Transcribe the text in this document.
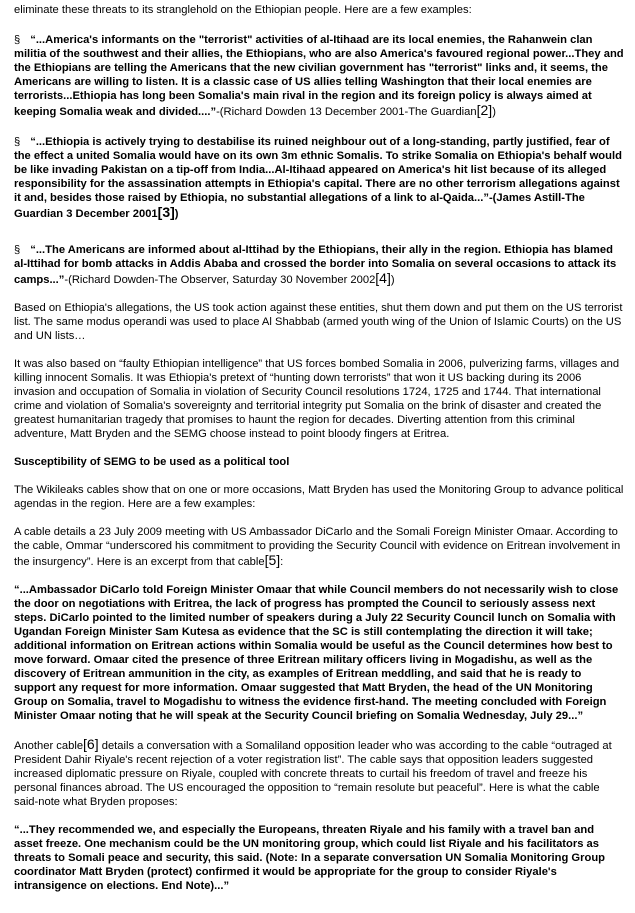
eliminate these threats to its stranglehold on the Ethiopian people. Here are a few examples:

§ “...America's informants on the "terrorist" activities of al-Itihaad are its local enemies, the Rahanwein clan militia of the southwest and their allies, the Ethiopians, who are also America's favoured regional power...They and the Ethiopians are telling the Americans that the new civilian government has "terrorist" links and, it seems, the Americans are willing to listen. It is a classic case of US allies telling Washington that their local enemies are terrorists...Ethiopia has long been Somalia's main rival in the region and its foreign policy is always aimed at keeping Somalia weak and divided....”-(Richard Dowden 13 December 2001-The Guardian[2])

§ “...Ethiopia is actively trying to destabilise its ruined neighbour out of a long-standing, partly justified, fear of the effect a united Somalia would have on its own 3m ethnic Somalis. To strike Somalia on Ethiopia's behalf would be like invading Pakistan on a tip-off from India...Al-Itihaad appeared on America's hit list because of its alleged responsibility for the assassination attempts in Ethiopia's capital. There are no other terrorism allegations against it and, besides those raised by Ethiopia, no substantial allegations of a link to al-Qaida...”-(James Astill-The Guardian 3 December 2001[3])

§ “...The Americans are informed about al-Ittihad by the Ethiopians, their ally in the region. Ethiopia has blamed al-Ittihad for bomb attacks in Addis Ababa and crossed the border into Somalia on several occasions to attack its camps...”-(Richard Dowden-The Observer, Saturday 30 November 2002[4])

Based on Ethiopia's allegations, the US took action against these entities, shut them down and put them on the US terrorist list. The same modus operandi was used to place Al Shabbab (armed youth wing of the Union of Islamic Courts) on the US and UN lists…

It was also based on “faulty Ethiopian intelligence” that US forces bombed Somalia in 2006, pulverizing farms, villages and killing innocent Somalis. It was Ethiopia's pretext of “hunting down terrorists” that won it US backing during its 2006 invasion and occupation of Somalia in violation of Security Council resolutions 1724, 1725 and 1744. That international crime and violation of Somalia's sovereignty and territorial integrity put Somalia on the brink of disaster and created the greatest humanitarian tragedy that promises to haunt the region for decades. Diverting attention from this criminal adventure, Matt Bryden and the SEMG choose instead to point bloody fingers at Eritrea.

Susceptibility of SEMG to be used as a political tool

The Wikileaks cables show that on one or more occasions, Matt Bryden has used the Monitoring Group to advance political agendas in the region. Here are a few examples:

A cable details a 23 July 2009 meeting with US Ambassador DiCarlo and the Somali Foreign Minister Omaar. According to the cable, Ommar “underscored his commitment to providing the Security Council with evidence on Eritrean involvement in the insurgency”. Here is an excerpt from that cable[5]:

“...Ambassador DiCarlo told Foreign Minister Omaar that while Council members do not necessarily wish to close the door on negotiations with Eritrea, the lack of progress has prompted the Council to seriously assess next steps. DiCarlo pointed to the limited number of speakers during a July 22 Security Council lunch on Somalia with Ugandan Foreign Minister Sam Kutesa as evidence that the SC is still contemplating the direction it will take; additional information on Eritrean actions within Somalia would be useful as the Council determines how best to move forward. Omaar cited the presence of three Eritrean military officers living in Mogadishu, as well as the discovery of Eritrean ammunition in the city, as examples of Eritrean meddling, and said that he is ready to support any request for more information. Omaar suggested that Matt Bryden, the head of the UN Monitoring Group on Somalia, travel to Mogadishu to witness the evidence first-hand. The meeting concluded with Foreign Minister Omaar noting that he will speak at the Security Council briefing on Somalia Wednesday, July 29...”

Another cable[6] details a conversation with a Somaliland opposition leader who was according to the cable “outraged at President Dahir Riyale's recent rejection of a voter registration list”. The cable says that opposition leaders suggested increased diplomatic pressure on Riyale, coupled with concrete threats to curtail his freedom of travel and freeze his personal finances abroad. The US encouraged the opposition to “remain resolute but peaceful”. Here is what the cable said-note what Bryden proposes:

“...They recommended we, and especially the Europeans, threaten Riyale and his family with a travel ban and asset freeze. One mechanism could be the UN monitoring group, which could list Riyale and his facilitators as threats to Somali peace and security, this said. (Note: In a separate conversation UN Somalia Monitoring Group coordinator Matt Bryden (protect) confirmed it would be appropriate for the group to consider Riyale's intransigence on elections. End Note)...”
